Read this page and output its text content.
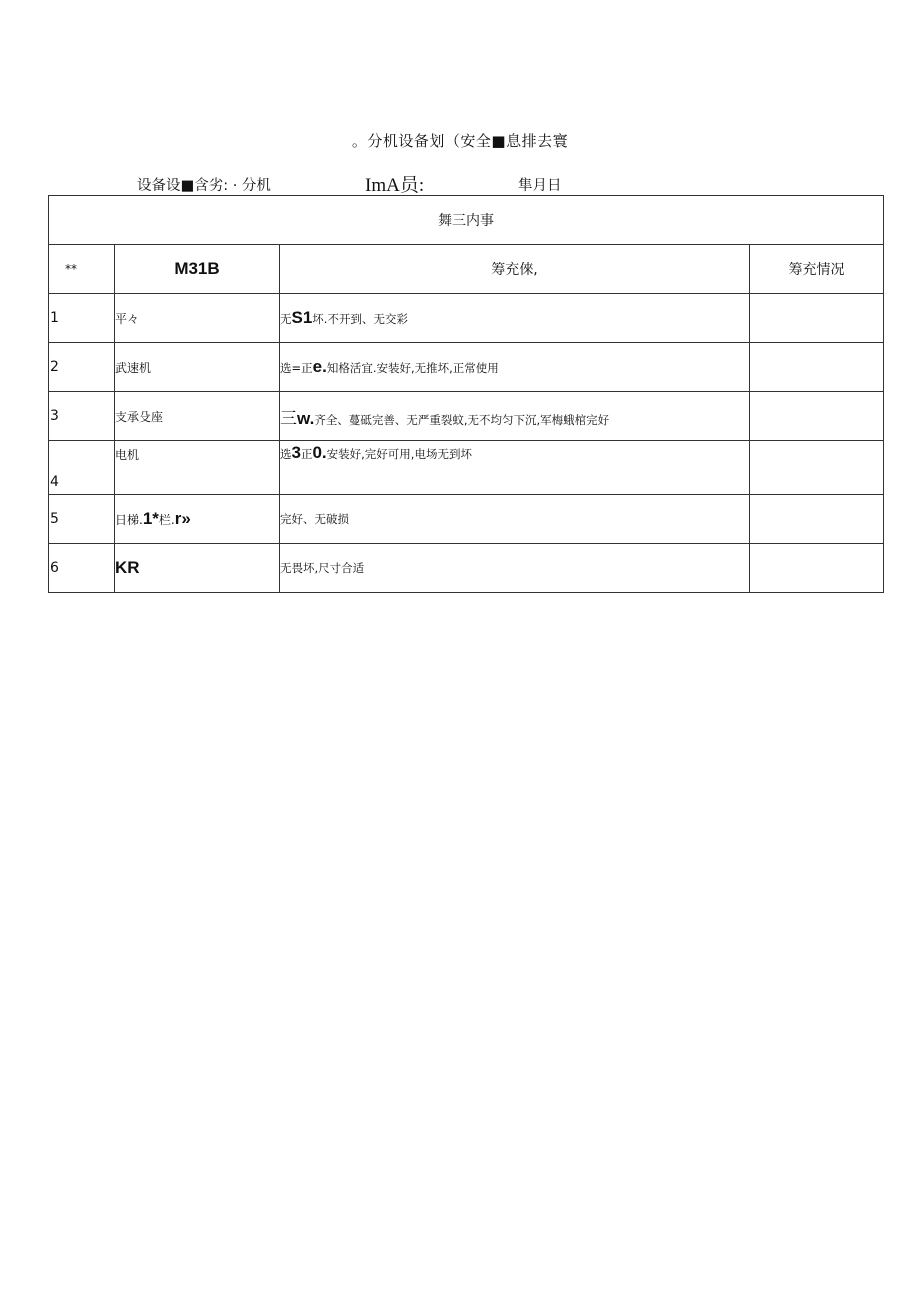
。分机设备划（安全■息排去寰
设备设■含劣: · 分机	ImA员:	隼月日
舞三内事			
**	M31B	筹充倈,	筹充情况
1	平々	无S1坏.不开到、无交彩	
2	武速机	选=正e.知格活宜.安装好,无推坏,正常使用	
3	支承殳座	三w.齐全、蔓砥完善、无严重裂蚊,无不均匀下沉,军梅蛾棺完好	
4	电机	选3正0.安装好,完好可用,电场无到坏	
5	日梯.1*栏.r»	完好、无破损	
6	KR	无畏坏,尺寸合适	
